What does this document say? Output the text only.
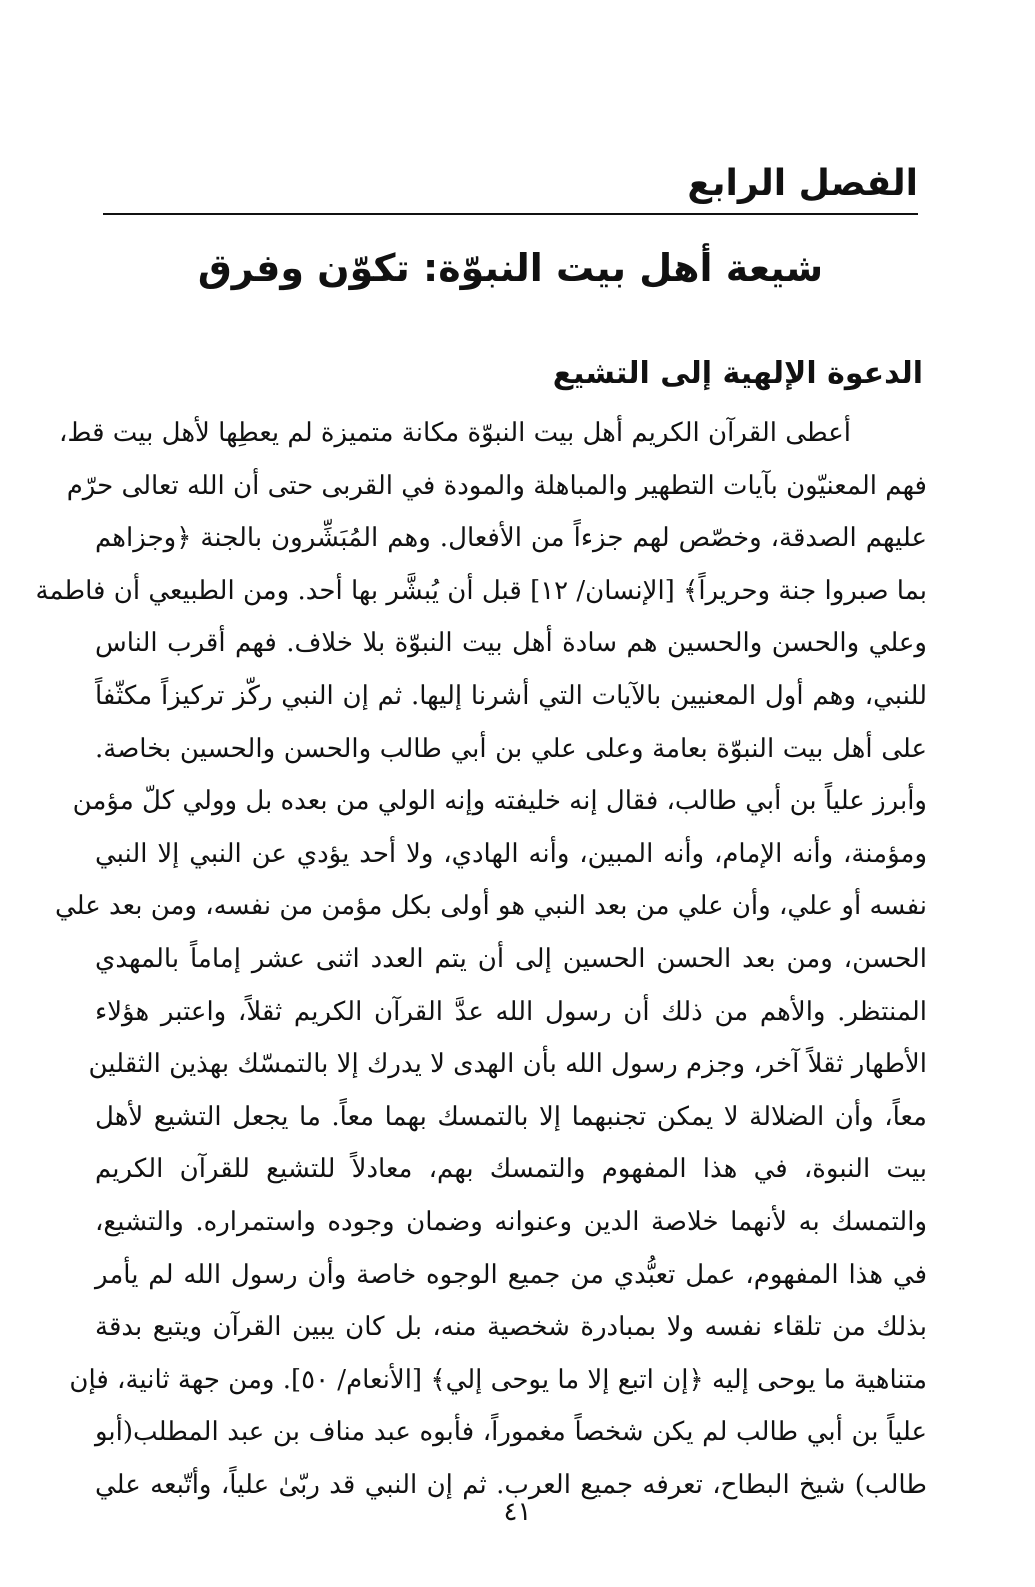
الفصل الرابع
شيعة أهل بيت النبوّة: تكوّن وفرق
الدعوة الإلهية إلى التشيع
أعطى القرآن الكريم أهل بيت النبوّة مكانة متميزة لم يعطِها لأهل بيت قط،
فهم المعنيّون بآيات التطهير والمباهلة والمودة في القربى حتى أن الله تعالى حرّم
عليهم الصدقة، وخصّص لهم جزءاً من الأفعال. وهم المُبَشِّرون بالجنة ﴿وجزاهم
بما صبروا جنة وحريراً﴾ [الإنسان/ ١٢] قبل أن يُبشَّر بها أحد. ومن الطبيعي أن فاطمة
وعلي والحسن والحسين هم سادة أهل بيت النبوّة بلا خلاف. فهم أقرب الناس
للنبي، وهم أول المعنيين بالآيات التي أشرنا إليها. ثم إن النبي ركّز تركيزاً مكثّفاً
على أهل بيت النبوّة بعامة وعلى علي بن أبي طالب والحسن والحسين بخاصة.
وأبرز علياً بن أبي طالب، فقال إنه خليفته وإنه الولي من بعده بل وولي كلّ مؤمن
ومؤمنة، وأنه الإمام، وأنه المبين، وأنه الهادي، ولا أحد يؤدي عن النبي إلا النبي
نفسه أو علي، وأن علي من بعد النبي هو أولى بكل مؤمن من نفسه، ومن بعد علي
الحسن، ومن بعد الحسن الحسين إلى أن يتم العدد اثنى عشر إماماً بالمهدي
المنتظر. والأهم من ذلك أن رسول الله عدَّ القرآن الكريم ثقلاً، واعتبر هؤلاء
الأطهار ثقلاً آخر، وجزم رسول الله بأن الهدى لا يدرك إلا بالتمسّك بهذين الثقلين
معاً، وأن الضلالة لا يمكن تجنبهما إلا بالتمسك بهما معاً. ما يجعل التشيع لأهل
بيت النبوة، في هذا المفهوم والتمسك بهم، معادلاً للتشيع للقرآن الكريم
والتمسك به لأنهما خلاصة الدين وعنوانه وضمان وجوده واستمراره. والتشيع،
في هذا المفهوم، عمل تعبُّدي من جميع الوجوه خاصة وأن رسول الله لم يأمر
بذلك من تلقاء نفسه ولا بمبادرة شخصية منه، بل كان يبين القرآن ويتبع بدقة
متناهية ما يوحى إليه ﴿إن اتبع إلا ما يوحى إلي﴾ [الأنعام/ ٥٠]. ومن جهة ثانية، فإن
علياً بن أبي طالب لم يكن شخصاً مغموراً، فأبوه عبد مناف بن عبد المطلب(أبو
طالب) شيخ البطاح، تعرفه جميع العرب. ثم إن النبي قد ربّىٰ علياً، وأتّبعه علي
٤١
